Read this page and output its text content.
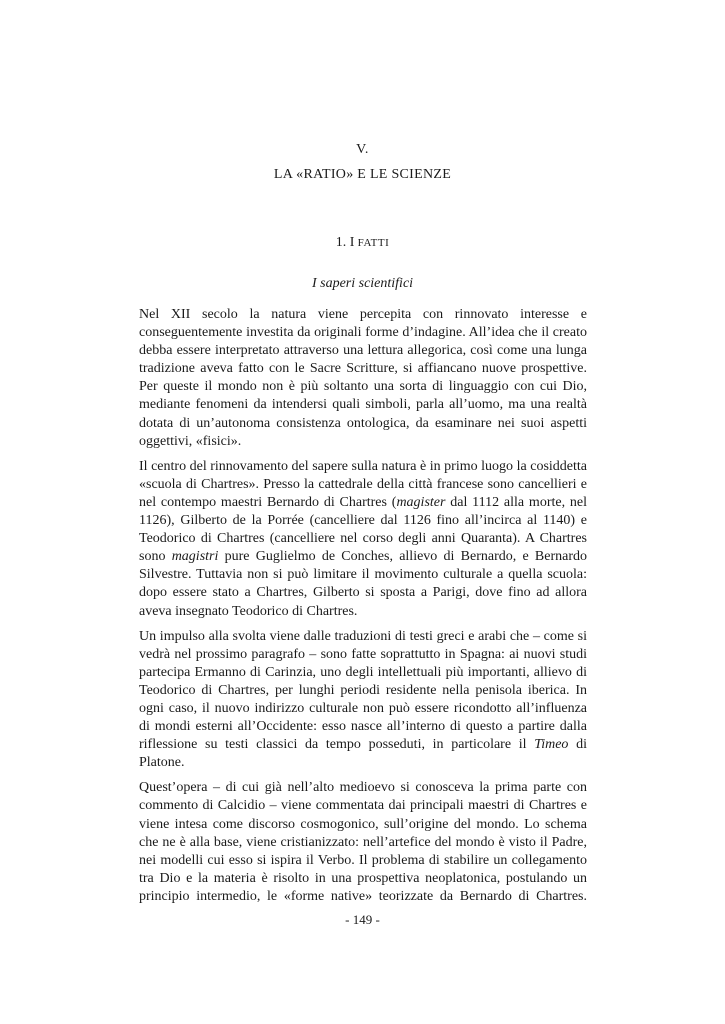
V.
LA «RATIO» E LE SCIENZE
1. I FATTI
I saperi scientifici

Nel XII secolo la natura viene percepita con rinnovato interesse e conseguentemente investita da originali forme d’indagine. All’idea che il creato debba essere interpretato attraverso una lettura allegorica, così come una lunga tradizione aveva fatto con le Sacre Scritture, si affiancano nuove prospettive. Per queste il mondo non è più soltanto una sorta di linguaggio con cui Dio, mediante fenomeni da intendersi quali simboli, parla all’uomo, ma una realtà dotata di un’autonoma consistenza ontologica, da esaminare nei suoi aspetti oggettivi, «fisici».

Il centro del rinnovamento del sapere sulla natura è in primo luogo la cosiddetta «scuola di Chartres». Presso la cattedrale della città francese sono cancellieri e nel contempo maestri Bernardo di Chartres (magister dal 1112 alla morte, nel 1126), Gilberto de la Porrée (cancelliere dal 1126 fino all’incirca al 1140) e Teodorico di Chartres (cancelliere nel corso degli anni Quaranta). A Chartres sono magistri pure Guglielmo de Conches, allievo di Bernardo, e Bernardo Silvestre. Tuttavia non si può limitare il movimento culturale a quella scuola: dopo essere stato a Chartres, Gilberto si sposta a Parigi, dove fino ad allora aveva insegnato Teodorico di Chartres.

Un impulso alla svolta viene dalle traduzioni di testi greci e arabi che – come si vedrà nel prossimo paragrafo – sono fatte soprattutto in Spagna: ai nuovi studi partecipa Ermanno di Carinzia, uno degli intellettuali più importanti, allievo di Teodorico di Chartres, per lunghi periodi residente nella penisola iberica. In ogni caso, il nuovo indirizzo culturale non può essere ricondotto all’influenza di mondi esterni all’Occidente: esso nasce all’interno di questo a partire dalla riflessione su testi classici da tempo posseduti, in particolare il Timeo di Platone.

Quest’opera – di cui già nell’alto medioevo si conosceva la prima parte con commento di Calcidio – viene commentata dai principali maestri di Chartres e viene intesa come discorso cosmogonico, sull’origine del mondo. Lo schema che ne è alla base, viene cristianizzato: nell’artefice del mondo è visto il Padre, nei modelli cui esso si ispira il Verbo. Il problema di stabilire un collegamento tra Dio e la materia è risolto in una prospettiva neoplatonica, postulando un principio intermedio, le «forme native» teorizzate da Bernardo di Chartres.

- 149 -
